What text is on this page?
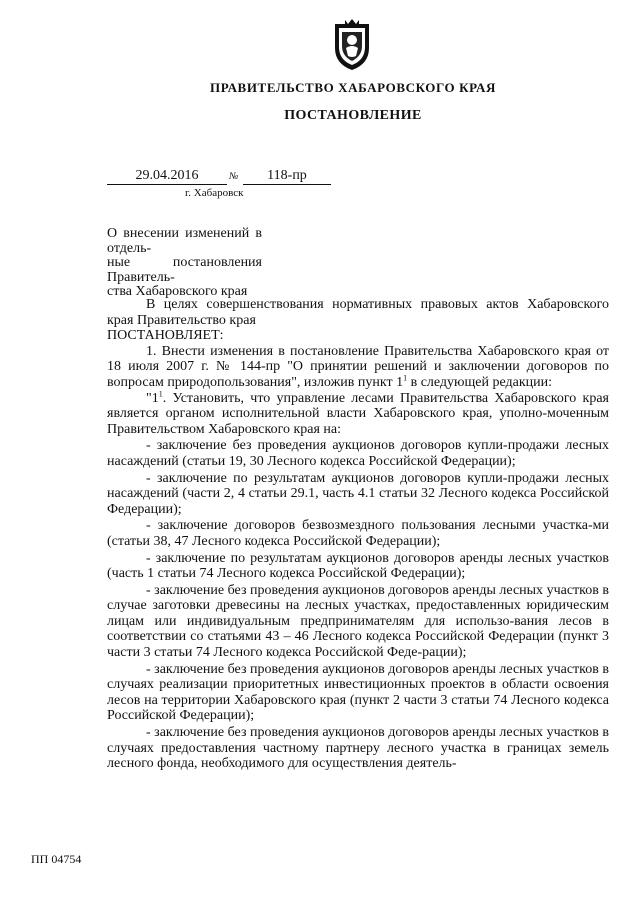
ПРАВИТЕЛЬСТВО ХАБАРОВСКОГО КРАЯ
ПОСТАНОВЛЕНИЕ
29.04.2016	№	118-пр
г. Хабаровск
О внесении изменений в отдель-
ные постановления Правитель-
ства Хабаровского края

В целях совершенствования нормативных правовых актов Хабаровского края Правительство края

ПОСТАНОВЛЯЕТ:

1. Внести изменения в постановление Правительства Хабаровского края от 18 июля 2007 г. № 144-пр "О принятии решений и заключении договоров по вопросам природопользования", изложив пункт $1^1$ в следующей редакции:

"$1^1$. Установить, что управление лесами Правительства Хабаровского края является органом исполнительной власти Хабаровского края, уполно-моченным Правительством Хабаровского края на:

- заключение без проведения аукционов договоров купли-продажи лесных насаждений (статьи 19, 30 Лесного кодекса Российской Федерации);

- заключение по результатам аукционов договоров купли-продажи лесных насаждений (части 2, 4 статьи 29.1, часть 4.1 статьи 32 Лесного кодекса Российской Федерации);

- заключение договоров безвозмездного пользования лесными участка-ми (статьи 38, 47 Лесного кодекса Российской Федерации);

- заключение по результатам аукционов договоров аренды лесных участков (часть 1 статьи 74 Лесного кодекса Российской Федерации);

- заключение без проведения аукционов договоров аренды лесных участков в случае заготовки древесины на лесных участках, предоставленных юридическим лицам или индивидуальным предпринимателям для использо-вания лесов в соответствии со статьями 43 – 46 Лесного кодекса Российской Федерации (пункт 3 части 3 статьи 74 Лесного кодекса Российской Феде-рации);

- заключение без проведения аукционов договоров аренды лесных участков в случаях реализации приоритетных инвестиционных проектов в области освоения лесов на территории Хабаровского края (пункт 2 части 3 статьи 74 Лесного кодекса Российской Федерации);

- заключение без проведения аукционов договоров аренды лесных участков в случаях предоставления частному партнеру лесного участка в границах земель лесного фонда, необходимого для осуществления деятель-

ПП 04754
